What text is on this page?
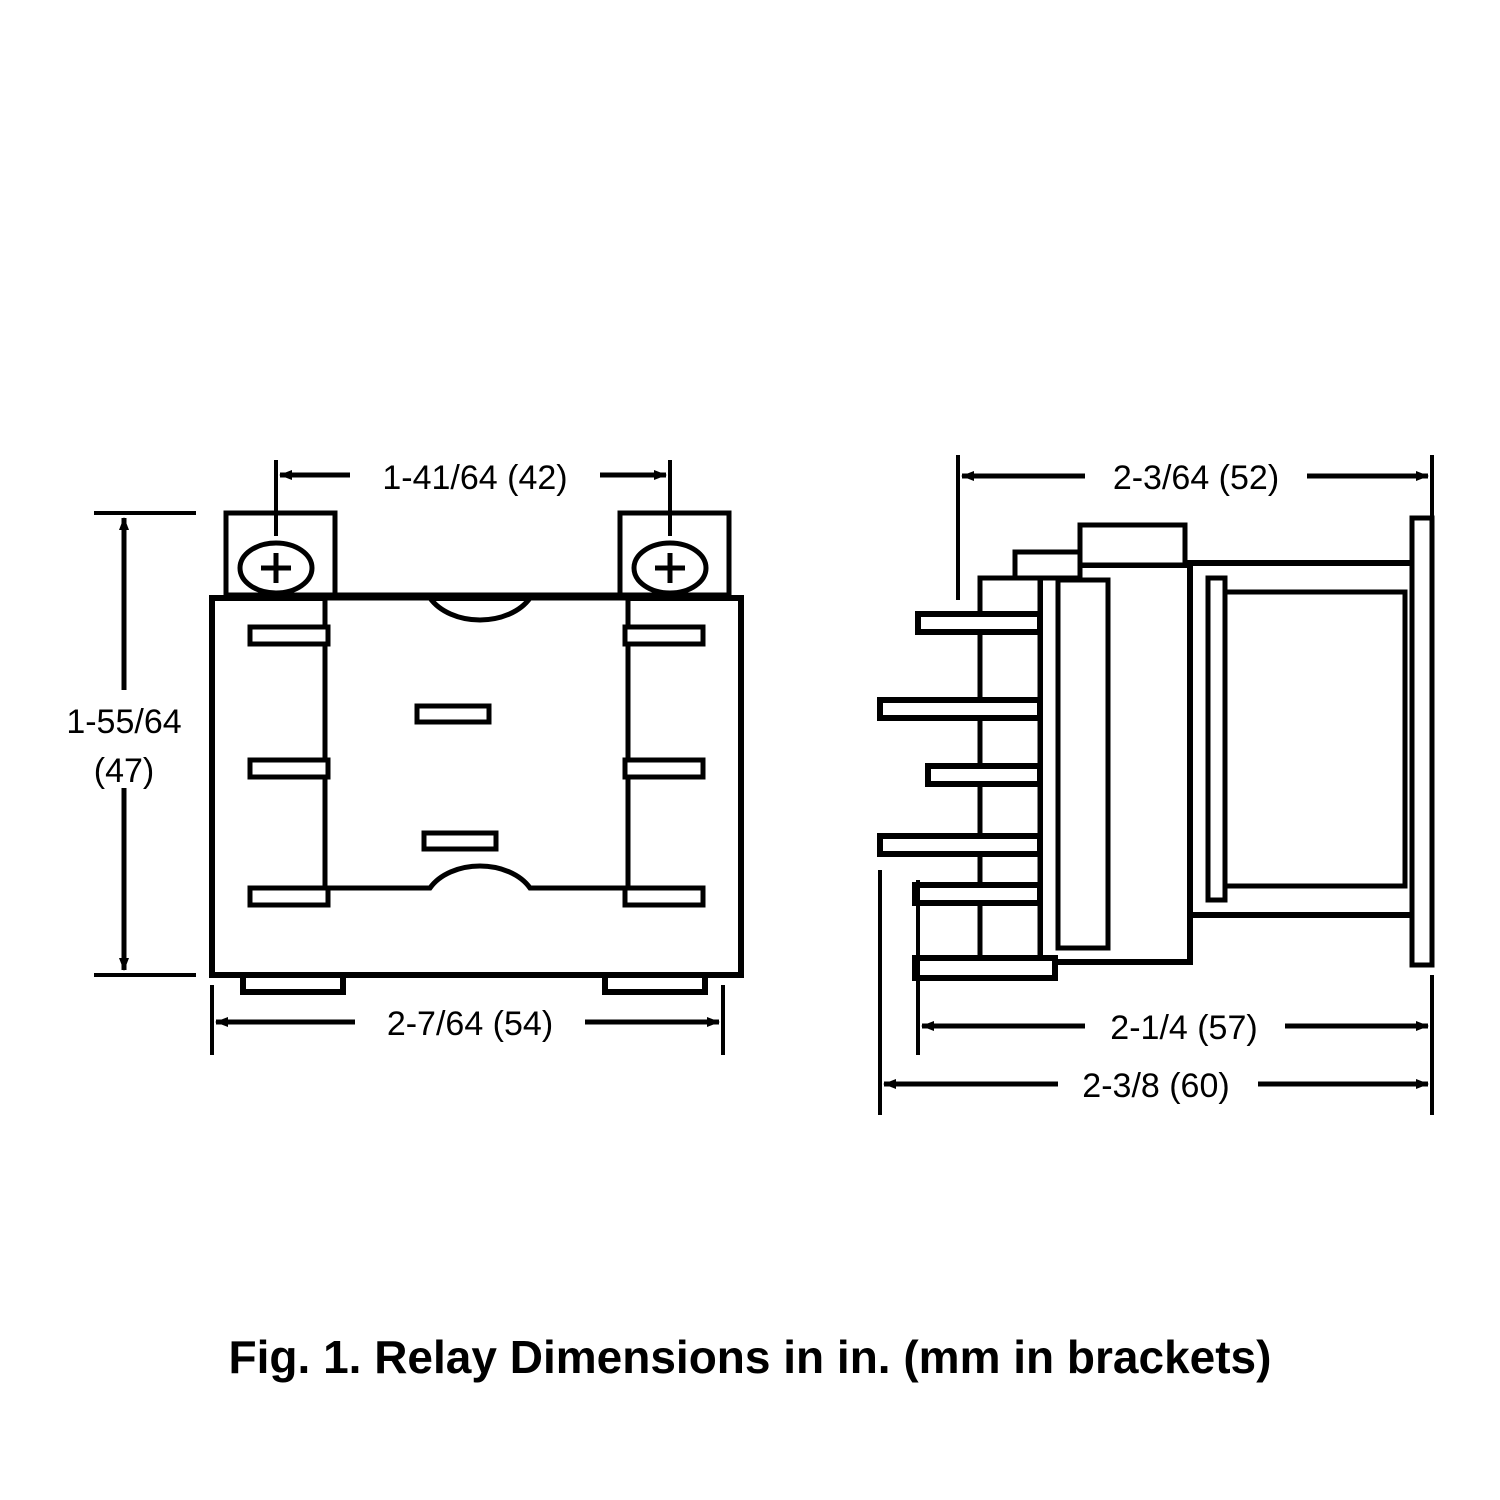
1-41/64 (42)
1-55/64
(47)
2-7/64 (54)
2-3/64 (52)
2-1/4 (57)
2-3/8 (60)
Fig. 1. Relay Dimensions in in. (mm in brackets)
